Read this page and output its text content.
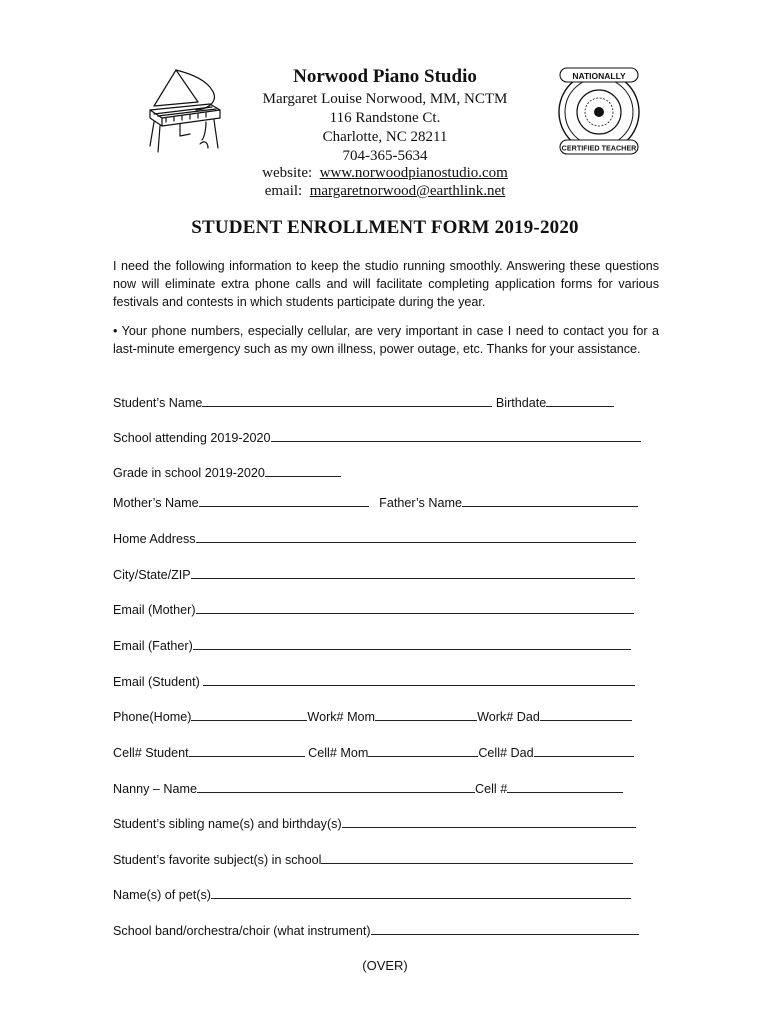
NATIONALLY
CERTIFIED TEACHER
Norwood Piano Studio
Margaret Louise Norwood, MM, NCTM
116 Randstone Ct.
Charlotte, NC 28211
704-365-5634
website: www.norwoodpianostudio.com
email: margaretnorwood@earthlink.net
STUDENT ENROLLMENT FORM 2019-2020
I need the following information to keep the studio running smoothly. Answering these questions now will eliminate extra phone calls and will facilitate completing application forms for various festivals and contests in which students participate during the year.
• Your phone numbers, especially cellular, are very important in case I need to contact you for a last-minute emergency such as my own illness, power outage, etc. Thanks for your assistance.
Student’s Name	Birthdate
School attending 2019-2020
Grade in school 2019-2020
Mother’s Name	Father’s Name
Home Address
City/State/ZIP
Email (Mother)
Email (Father)
Email (Student)
Phone(Home)	Work# Mom	Work# Dad
Cell# Student	Cell# Mom	Cell# Dad
Nanny – Name	Cell #
Student’s sibling name(s) and birthday(s)
Student’s favorite subject(s) in school
Name(s) of pet(s)
School band/orchestra/choir (what instrument)
(OVER)
